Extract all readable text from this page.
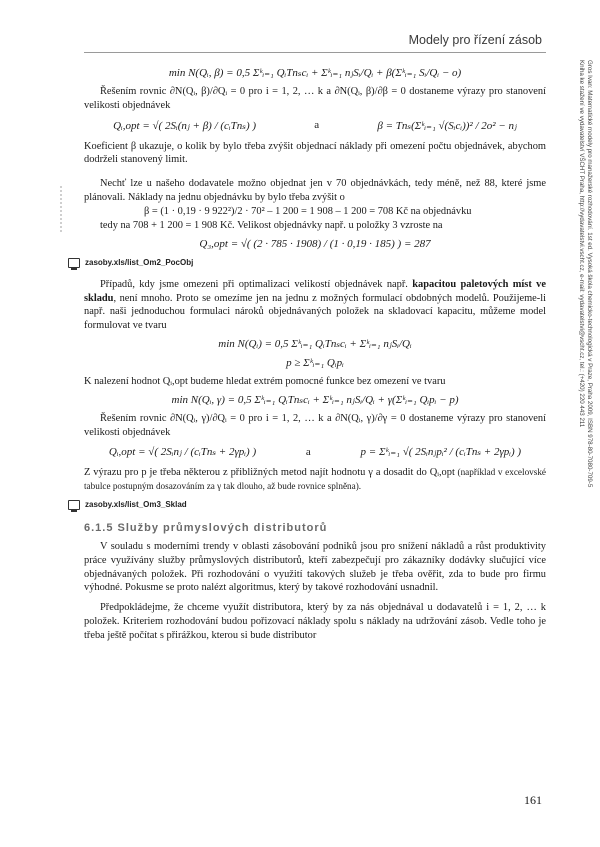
Modely pro řízení zásob
Gros Ivan: Matematické modely pro manažerské rozhodování. 1st ed. Vysoká škola chemicko-technologická v Praze, Praha 2009, ISBN 978-80-7080-709-5
Kniha ke stažení ve vydavatelství VŠCHT Praha, http://vydavatelstvi.vscht.cz, e-mail: vydavatelstvi@vscht.cz, tel.: (+420) 220 443 211
min N(Qᵢ, β) = 0,5 Σᵏᵢ₌₁ QᵢTnₛcᵢ + Σᵏᵢ₌₁ nⱼSᵢ/Qᵢ + β(Σᵏᵢ₌₁ Sᵢ/Qᵢ − o)

Řešením rovnic ∂N(Qᵢ, β)/∂Qᵢ = 0 pro i = 1, 2, … k a ∂N(Qᵢ, β)/∂β = 0 dostaneme výrazy pro stanovení velikosti objednávek

Qᵢ,opt = √( 2Sᵢ(nⱼ + β) / (cᵢTnₛ) )	a	β = Tnₛ(Σᵏᵢ₌₁ √(Sᵢcᵢ))² / 2o² − nⱼ

Koeficient β ukazuje, o kolik by bylo třeba zvýšit objednací náklady při omezení počtu objednávek, abychom dodrželi stanovený limit.

Nechť lze u našeho dodavatele možno objednat jen v 70 objednávkách, tedy méně, než 88, které jsme plánovali. Náklady na jednu objednávku by bylo třeba zvýšit o

β = (1 · 0,19 · 9 922²)/2 · 70² – 1 200 = 1 908 – 1 200 = 708 Kč na objednávku

tedy na 708 + 1 200 = 1 908 Kč. Velikost objednávky např. u položky 3 vzroste na

Q₃,opt = √( (2 · 785 · 1908) / (1 · 0,19 · 185) ) = 287
zasoby.xls/list_Om2_PocObj

Případů, kdy jsme omezeni při optimalizaci velikostí objednávek např. kapacitou paletových míst ve skladu, není mnoho. Proto se omezíme jen na jednu z možných formulací obdobných modelů. Použijeme-li např. naši jednoduchou formulaci nároků objednávaných položek na skladovací kapacitu, můžeme model formulovat ve tvaru

min N(Qᵢ) = 0,5 Σᵏᵢ₌₁ QᵢTnₛcᵢ + Σᵏᵢ₌₁ nⱼSᵢ/Qᵢ
p ≥ Σᵏᵢ₌₁ Qᵢpᵢ

K nalezení hodnot Qᵢ,opt budeme hledat extrém pomocné funkce bez omezení ve tvaru

min N(Qᵢ, γ) = 0,5 Σᵏᵢ₌₁ QᵢTnₛcᵢ + Σᵏᵢ₌₁ nⱼSᵢ/Qᵢ + γ(Σᵏᵢ₌₁ Qᵢpᵢ − p)

Řešením rovnic ∂N(Qᵢ, γ)/∂Qᵢ = 0 pro i = 1, 2, … k a ∂N(Qᵢ, γ)/∂γ = 0 dostaneme výrazy pro stanovení velikosti objednávek

Qᵢ,opt = √( 2Sᵢnⱼ / (cᵢTnₛ + 2γpᵢ) )	a	p = Σᵏᵢ₌₁ √( 2Sᵢnⱼpᵢ² / (cᵢTnₛ + 2γpᵢ) )

Z výrazu pro p je třeba některou z přibližných metod najít hodnotu γ a dosadit do Qᵢ,opt (například v excelovské tabulce postupným dosazováním za γ tak dlouho, až bude rovnice splněna).

zasoby.xls/list_Om3_Sklad
6.1.5 Služby průmyslových distributorů

V souladu s moderními trendy v oblasti zásobování podniků jsou pro snížení nákladů a růst produktivity práce využívány služby průmyslových distributorů, kteří zabezpečují pro zákazníky dodávky slučující více objednávaných položek. Při rozhodování o využití takových služeb je třeba ověřit, zda to bude pro firmu výhodné. Pokusme se proto nalézt algoritmus, který by takové rozhodování usnadnil.

Předpokládejme, že chceme využít distributora, který by za nás objednával u dodavatelů i = 1, 2, … k položek. Kriteriem rozhodování budou pořizovací náklady spolu s náklady na udržování zásob. Vedle toho je třeba ještě počítat s přirážkou, kterou si bude distributor

161
